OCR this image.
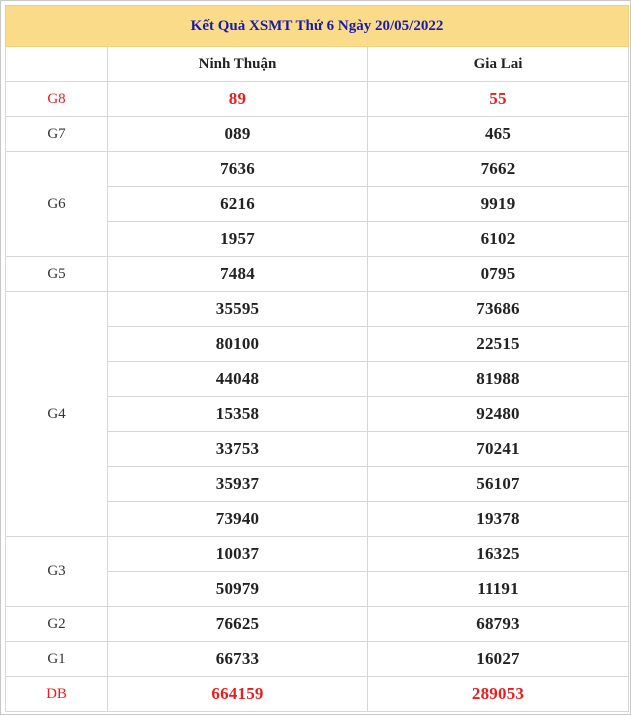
Kết Quả XSMT Thứ 6 Ngày 20/05/2022		
	Ninh Thuận	Gia Lai
G8	89	55
G7	089	465
G6	7636	7662
	6216	9919
	1957	6102
G5	7484	0795
G4	35595	73686
	80100	22515
	44048	81988
	15358	92480
	33753	70241
	35937	56107
	73940	19378
G3	10037	16325
	50979	11191
G2	76625	68793
G1	66733	16027
DB	664159	289053
